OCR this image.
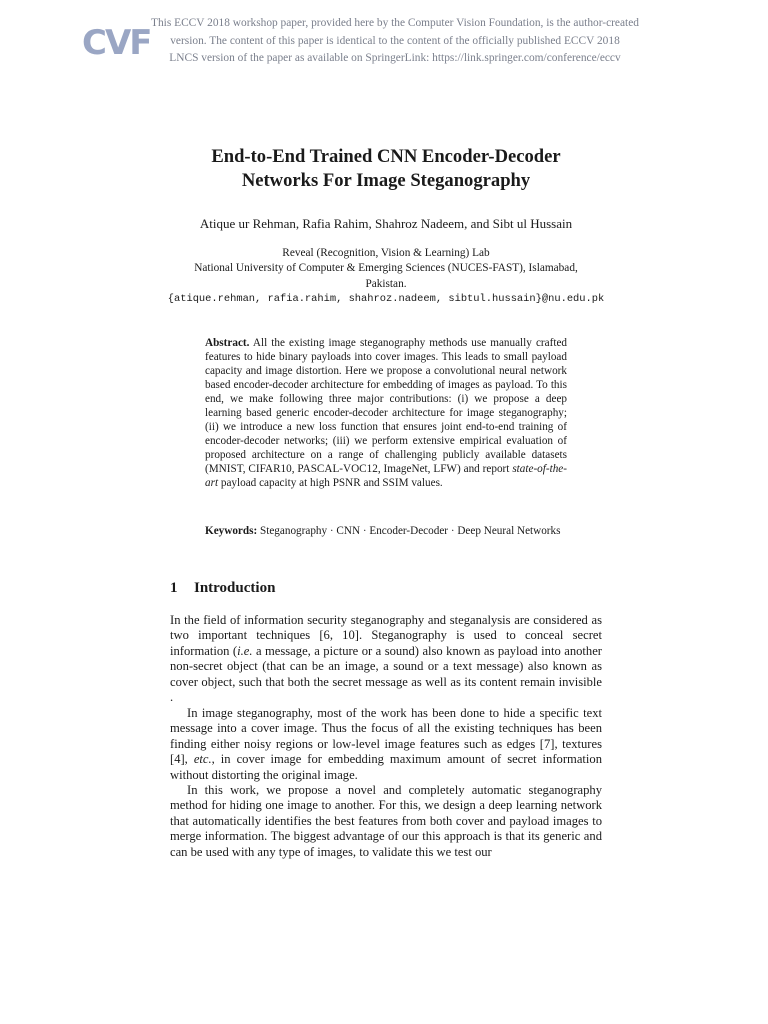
CVF This ECCV 2018 workshop paper, provided here by the Computer Vision Foundation, is the author-created
version. The content of this paper is identical to the content of the officially published ECCV 2018
LNCS version of the paper as available on SpringerLink: https://link.springer.com/conference/eccv
End-to-End Trained CNN Encoder-Decoder
Networks For Image Steganography
Atique ur Rehman, Rafia Rahim, Shahroz Nadeem, and Sibt ul Hussain
Reveal (Recognition, Vision & Learning) Lab
National University of Computer & Emerging Sciences (NUCES-FAST), Islamabad,
Pakistan.
{atique.rehman, rafia.rahim, shahroz.nadeem, sibtul.hussain}@nu.edu.pk
Abstract. All the existing image steganography methods use manually crafted features to hide binary payloads into cover images. This leads to small payload capacity and image distortion. Here we propose a convolutional neural network based encoder-decoder architecture for embedding of images as payload. To this end, we make following three major contributions: (i) we propose a deep learning based generic encoder-decoder architecture for image steganography; (ii) we introduce a new loss function that ensures joint end-to-end training of encoder-decoder networks; (iii) we perform extensive empirical evaluation of proposed architecture on a range of challenging publicly available datasets (MNIST, CIFAR10, PASCAL-VOC12, ImageNet, LFW) and report state-of-the-art payload capacity at high PSNR and SSIM values.
Keywords: Steganography · CNN · Encoder-Decoder · Deep Neural Networks
1 Introduction

In the field of information security steganography and steganalysis are considered as two important techniques [6, 10]. Steganography is used to conceal secret information (i.e. a message, a picture or a sound) also known as payload into another non-secret object (that can be an image, a sound or a text message) also known as cover object, such that both the secret message as well as its content remain invisible .

In image steganography, most of the work has been done to hide a specific text message into a cover image. Thus the focus of all the existing techniques has been finding either noisy regions or low-level image features such as edges [7], textures [4], etc., in cover image for embedding maximum amount of secret information without distorting the original image.

In this work, we propose a novel and completely automatic steganography method for hiding one image to another. For this, we design a deep learning network that automatically identifies the best features from both cover and payload images to merge information. The biggest advantage of our this approach is that its generic and can be used with any type of images, to validate this we test our
